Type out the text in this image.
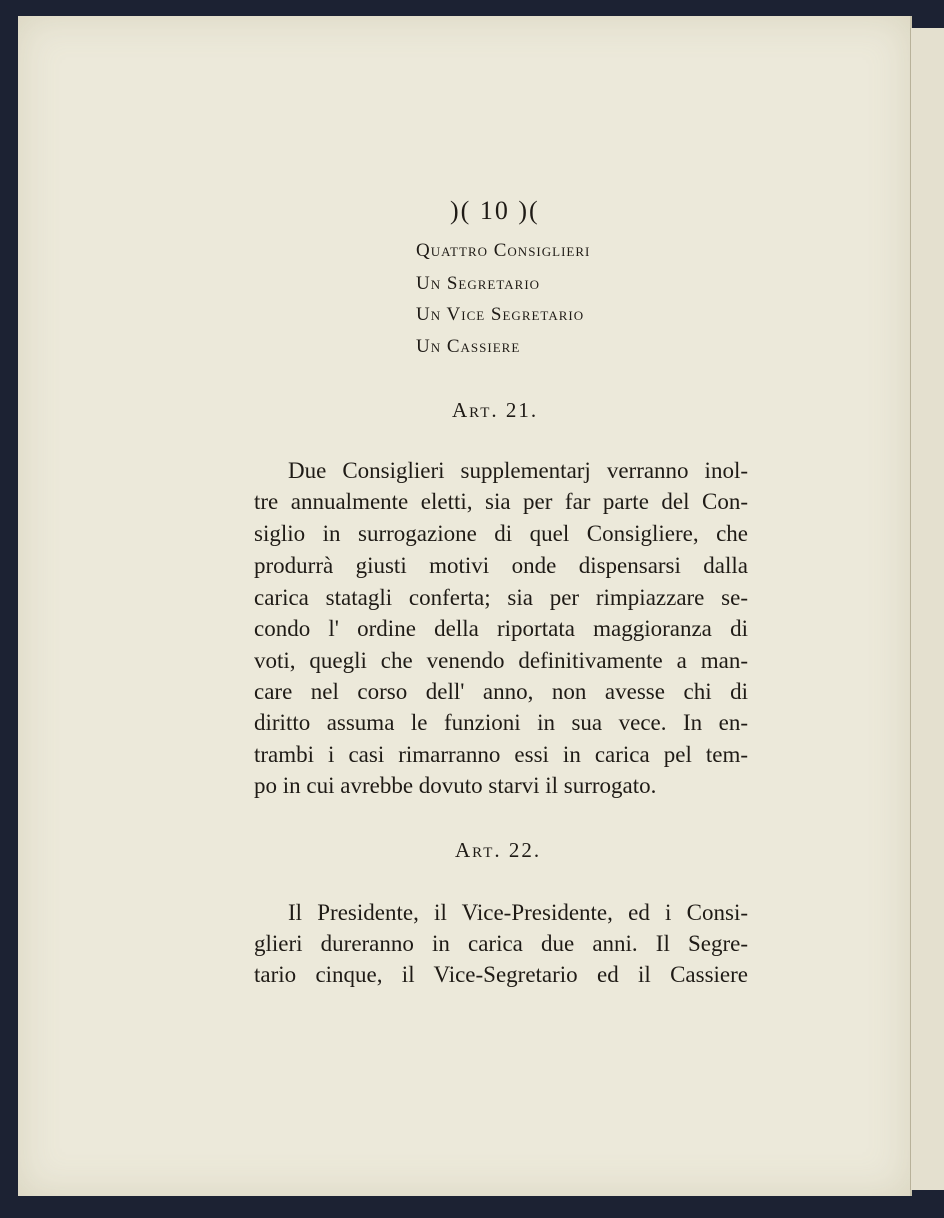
)( 10 )(
Quattro Consiglieri
Un Segretario
Un Vice Segretario
Un Cassiere
Art. 21.
Due Consiglieri supplementarj verranno inol-
tre annualmente eletti, sia per far parte del Con-
siglio in surrogazione di quel Consigliere, che
produrrà giusti motivi onde dispensarsi dalla
carica statagli conferta; sia per rimpiazzare se-
condo l' ordine della riportata maggioranza di
voti, quegli che venendo definitivamente a man-
care nel corso dell' anno, non avesse chi di
diritto assuma le funzioni in sua vece. In en-
trambi i casi rimarranno essi in carica pel tem-
po in cui avrebbe dovuto starvi il surrogato.
Art. 22.
Il Presidente, il Vice-Presidente, ed i Consi-
glieri dureranno in carica due anni. Il Segre-
tario cinque, il Vice-Segretario ed il Cassiere
